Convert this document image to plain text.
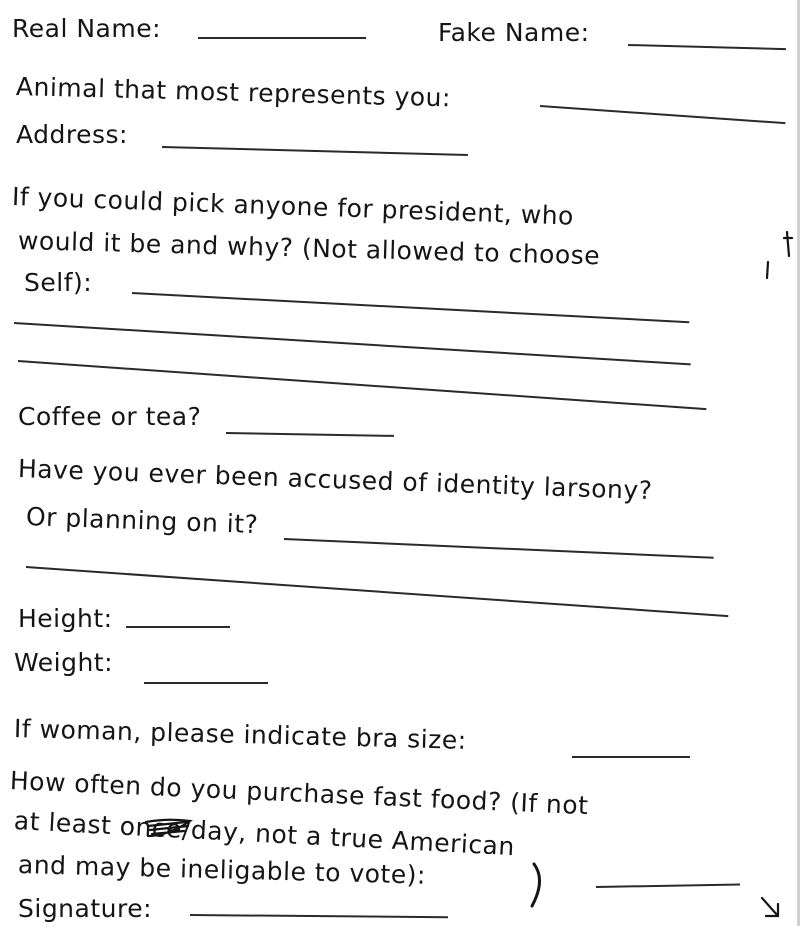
Real Name:	Fake Name:
Animal that most represents you:
Address:
If you could pick anyone for president, who
would it be and why? (Not allowed to choose
Self):
Coffee or tea?
Have you ever been accused of identity larsony?
Or planning on it?
Height:
Weight:
If woman, please indicate bra size:
How often do you purchase fast food? (If not
at least once/day, not a true American
and may be ineligable to vote):
Signature:
